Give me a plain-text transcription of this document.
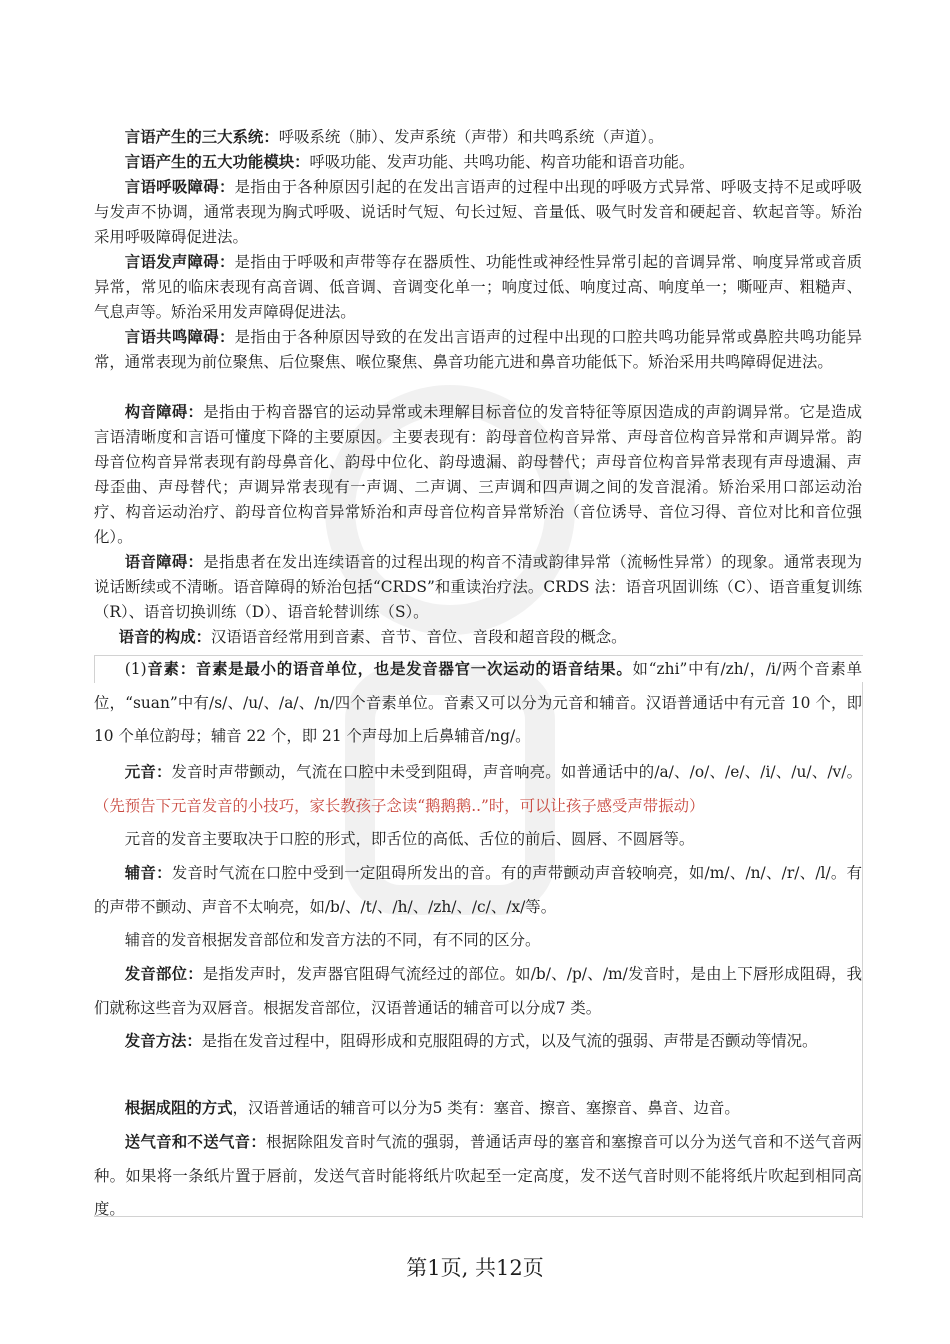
言语产生的三大系统：呼吸系统（肺）、发声系统（声带）和共鸣系统（声道）。

言语产生的五大功能模块：呼吸功能、发声功能、共鸣功能、构音功能和语音功能。

言语呼吸障碍：是指由于各种原因引起的在发出言语声的过程中出现的呼吸方式异常、呼吸支持不足或呼吸与发声不协调，通常表现为胸式呼吸、说话时气短、句长过短、音量低、吸气时发音和硬起音、软起音等。矫治采用呼吸障碍促进法。

言语发声障碍：是指由于呼吸和声带等存在器质性、功能性或神经性异常引起的音调异常、响度异常或音质异常，常见的临床表现有高音调、低音调、音调变化单一；响度过低、响度过高、响度单一；嘶哑声、粗糙声、气息声等。矫治采用发声障碍促进法。

言语共鸣障碍：是指由于各种原因导致的在发出言语声的过程中出现的口腔共鸣功能异常或鼻腔共鸣功能异常，通常表现为前位聚焦、后位聚焦、喉位聚焦、鼻音功能亢进和鼻音功能低下。矫治采用共鸣障碍促进法。

构音障碍：是指由于构音器官的运动异常或未理解目标音位的发音特征等原因造成的声韵调异常。它是造成言语清晰度和言语可懂度下降的主要原因。主要表现有：韵母音位构音异常、声母音位构音异常和声调异常。韵母音位构音异常表现有韵母鼻音化、韵母中位化、韵母遗漏、韵母替代；声母音位构音异常表现有声母遗漏、声母歪曲、声母替代；声调异常表现有一声调、二声调、三声调和四声调之间的发音混淆。矫治采用口部运动治疗、构音运动治疗、韵母音位构音异常矫治和声母音位构音异常矫治（音位诱导、音位习得、音位对比和音位强化）。

语音障碍：是指患者在发出连续语音的过程出现的构音不清或韵律异常（流畅性异常）的现象。通常表现为说话断续或不清晰。语音障碍的矫治包括“CRDS”和重读治疗法。CRDS 法：语音巩固训练（C）、语音重复训练（R）、语音切换训练（D）、语音轮替训练（S）。

语音的构成：汉语语音经常用到音素、音节、音位、音段和超音段的概念。

(1)音素：音素是最小的语音单位，也是发音器官一次运动的语音结果。如“zhi”中有/zh/，/i/两个音素单位，“suan”中有/s/、/u/、/a/、/n/四个音素单位。音素又可以分为元音和辅音。汉语普通话中有元音 10 个，即 10 个单位韵母；辅音 22 个，即 21 个声母加上后鼻辅音/ng/。

元音：发音时声带颤动，气流在口腔中未受到阻碍，声音响亮。如普通话中的/a/、/o/、/e/、/i/、/u/、/v/。（先预告下元音发音的小技巧，家长教孩子念读“鹅鹅鹅..”时，可以让孩子感受声带振动）

元音的发音主要取决于口腔的形式，即舌位的高低、舌位的前后、圆唇、不圆唇等。

辅音：发音时气流在口腔中受到一定阻碍所发出的音。有的声带颤动声音较响亮，如/m/、/n/、/r/、/l/。有的声带不颤动、声音不太响亮，如/b/、/t/、/h/、/zh/、/c/、/x/等。

辅音的发音根据发音部位和发音方法的不同，有不同的区分。

发音部位：是指发声时，发声器官阻碍气流经过的部位。如/b/、/p/、/m/发音时，是由上下唇形成阻碍，我们就称这些音为双唇音。根据发音部位，汉语普通话的辅音可以分成7 类。

发音方法：是指在发音过程中，阻碍形成和克服阻碍的方式，以及气流的强弱、声带是否颤动等情况。

根据成阻的方式，汉语普通话的辅音可以分为5 类有：塞音、擦音、塞擦音、鼻音、边音。

送气音和不送气音：根据除阻发音时气流的强弱，普通话声母的塞音和塞擦音可以分为送气音和不送气音两种。如果将一条纸片置于唇前，发送气音时能将纸片吹起至一定高度，发不送气音时则不能将纸片吹起到相同高度。

第1页, 共12页
